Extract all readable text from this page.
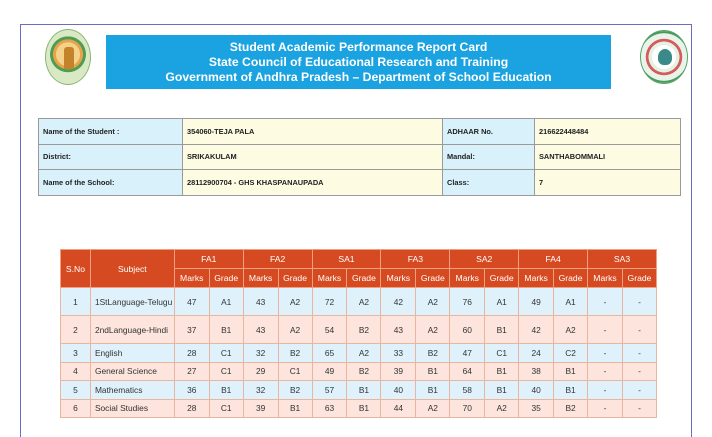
Student Academic Performance Report Card
State Council of Educational Research and Training
Government of Andhra Pradesh – Department of School Education
Name of the Student :	354060-TEJA PALA	ADHAAR No.	216622448484
District:	SRIKAKULAM	Mandal:	SANTHABOMMALI
Name of the School:	28112900704 - GHS KHASPANAUPADA	Class:	7
S.No	Subject	FA1		FA2		SA1		FA3		SA2		FA4		SA3	
		Marks	Grade	Marks	Grade	Marks	Grade	Marks	Grade	Marks	Grade	Marks	Grade	Marks	Grade
1	1StLanguage-Telugu	47	A1	43	A2	72	A2	42	A2	76	A1	49	A1	-	-
2	2ndLanguage-Hindi	37	B1	43	A2	54	B2	43	A2	60	B1	42	A2	-	-
3	English	28	C1	32	B2	65	A2	33	B2	47	C1	24	C2	-	-
4	General Science	27	C1	29	C1	49	B2	39	B1	64	B1	38	B1	-	-
5	Mathematics	36	B1	32	B2	57	B1	40	B1	58	B1	40	B1	-	-
6	Social Studies	28	C1	39	B1	63	B1	44	A2	70	A2	35	B2	-	-
